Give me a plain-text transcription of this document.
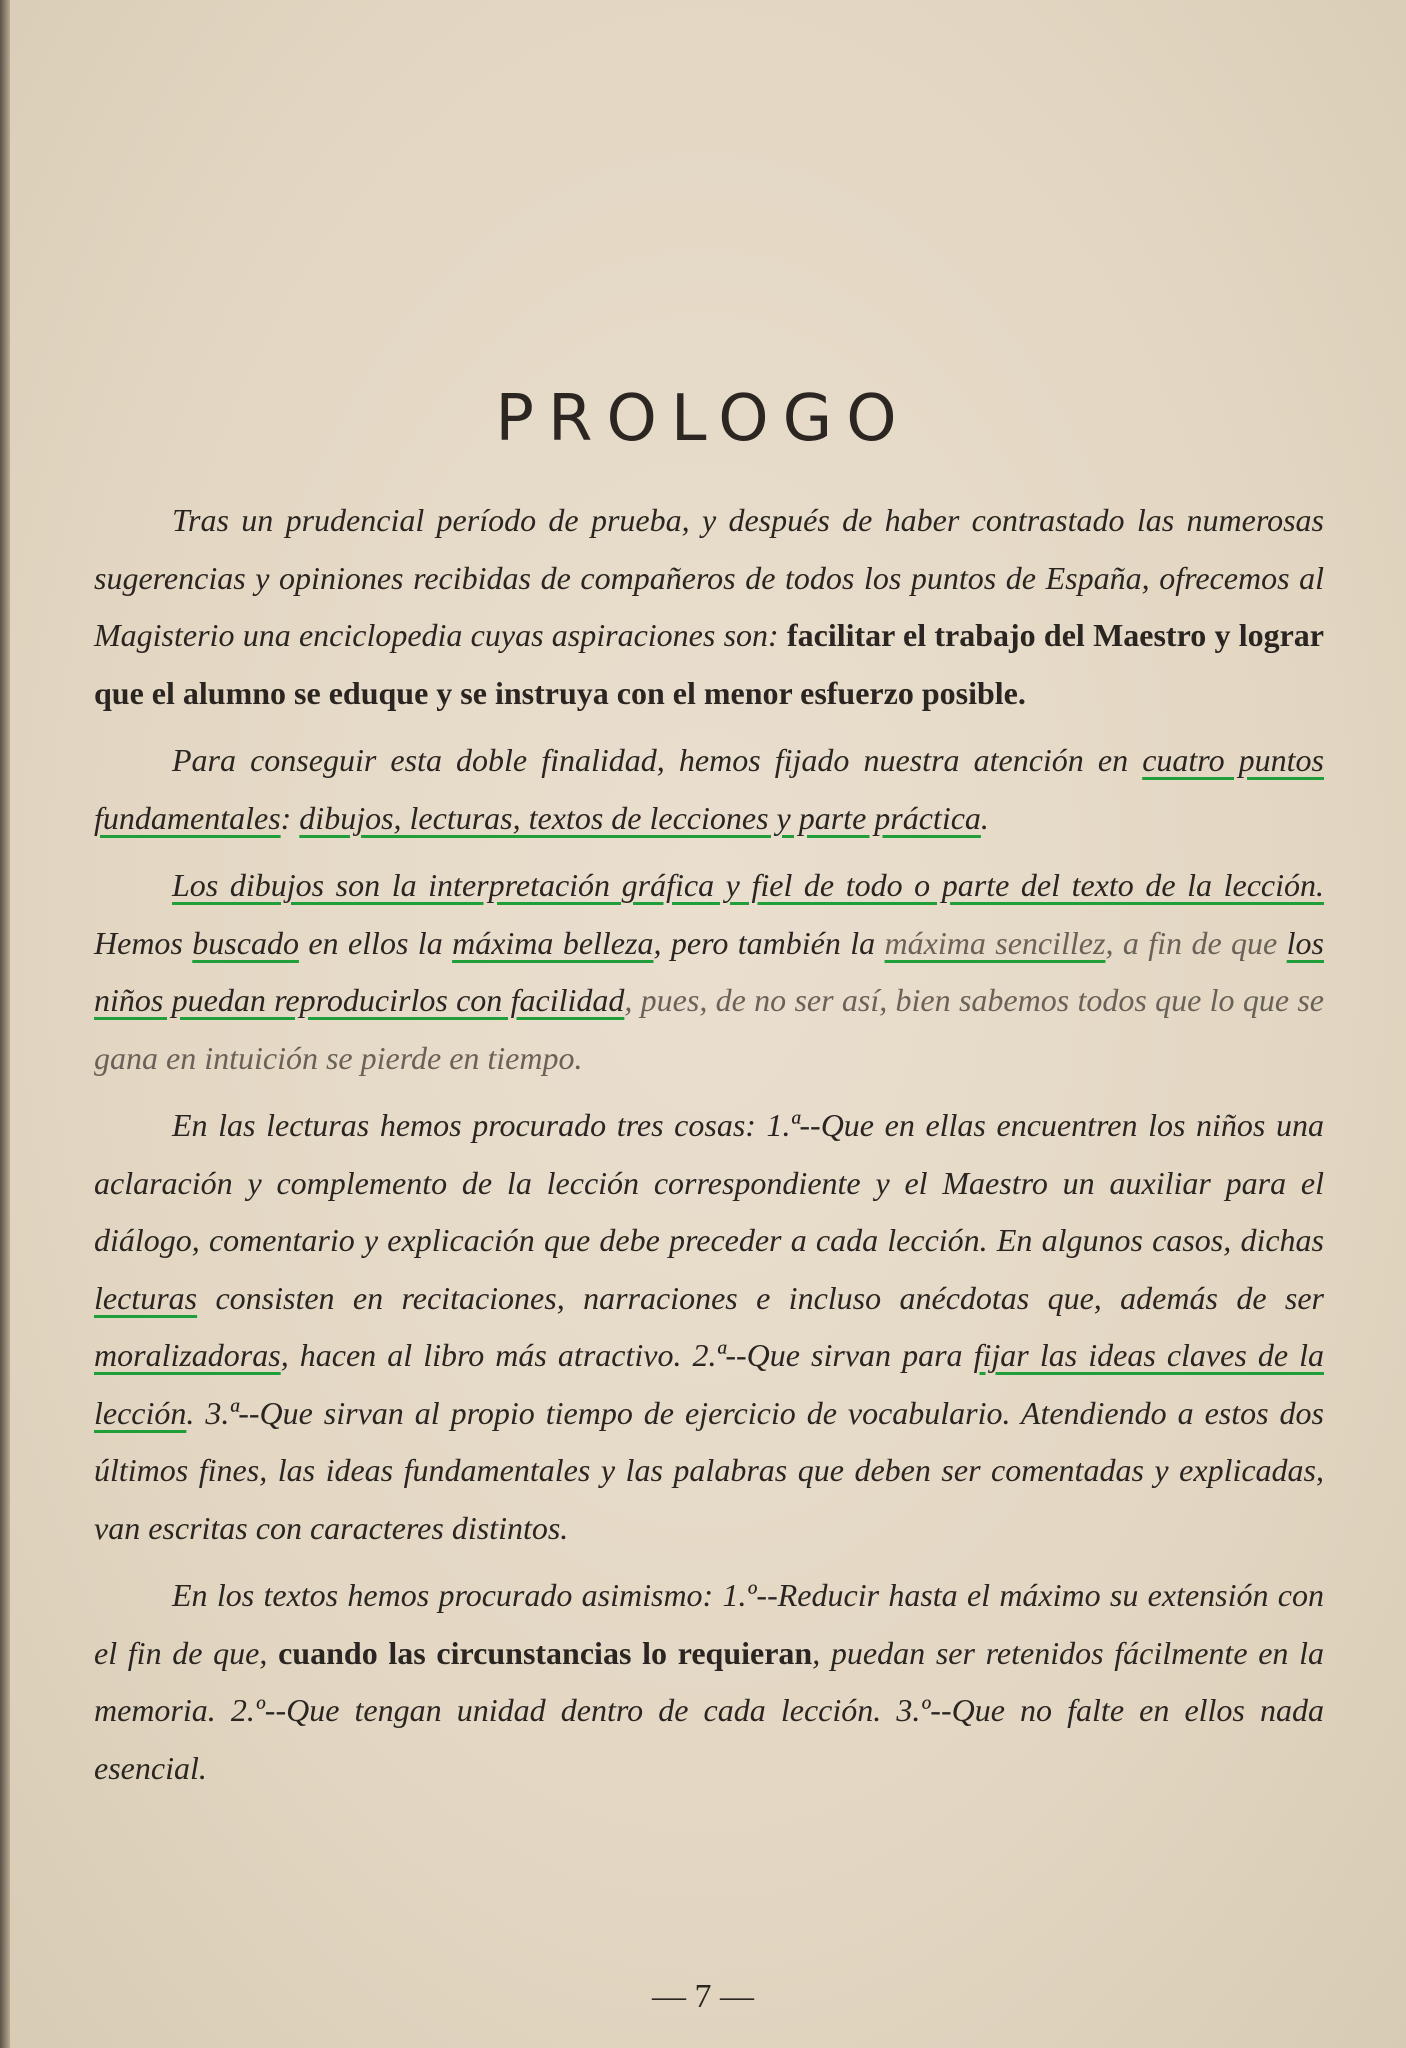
PROLOGO

Tras un prudencial período de prueba, y después de haber contrastado las numerosas sugerencias y opiniones recibidas de compañeros de todos los puntos de España, ofrecemos al Magisterio una enciclopedia cuyas aspiraciones son: facilitar el trabajo del Maestro y lograr que el alumno se eduque y se instruya con el menor esfuerzo posible.

Para conseguir esta doble finalidad, hemos fijado nuestra atención en cuatro puntos fundamentales: dibujos, lecturas, textos de lecciones y parte práctica.

Los dibujos son la interpretación gráfica y fiel de todo o parte del texto de la lección. Hemos buscado en ellos la máxima belleza, pero también la máxima sencillez, a fin de que los niños puedan reproducirlos con facilidad, pues, de no ser así, bien sabemos todos que lo que se gana en intuición se pierde en tiempo.

En las lecturas hemos procurado tres cosas: 1.ª--Que en ellas encuentren los niños una aclaración y complemento de la lección correspondiente y el Maestro un auxiliar para el diálogo, comentario y explicación que debe preceder a cada lección. En algunos casos, dichas lecturas consisten en recitaciones, narraciones e incluso anécdotas que, además de ser moralizadoras, hacen al libro más atractivo. 2.ª--Que sirvan para fijar las ideas claves de la lección. 3.ª--Que sirvan al propio tiempo de ejercicio de vocabulario. Atendiendo a estos dos últimos fines, las ideas fundamentales y las palabras que deben ser comentadas y explicadas, van escritas con caracteres distintos.

En los textos hemos procurado asimismo: 1.º--Reducir hasta el máximo su extensión con el fin de que, cuando las circunstancias lo requieran, puedan ser retenidos fácilmente en la memoria. 2.º--Que tengan unidad dentro de cada lección. 3.º--Que no falte en ellos nada esencial.

— 7 —
